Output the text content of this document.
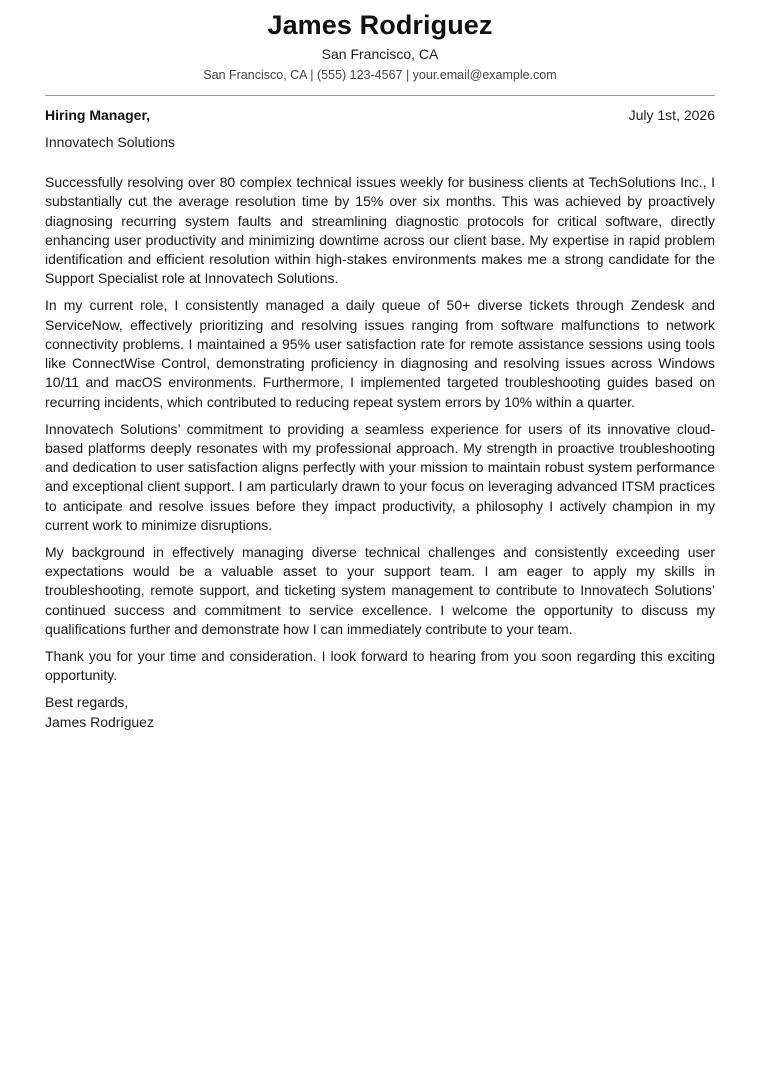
James Rodriguez
San Francisco, CA
San Francisco, CA | (555) 123-4567 | your.email@example.com
Hiring Manager,	July 1st, 2026
Innovatech Solutions

Successfully resolving over 80 complex technical issues weekly for business clients at TechSolutions Inc., I substantially cut the average resolution time by 15% over six months. This was achieved by proactively diagnosing recurring system faults and streamlining diagnostic protocols for critical software, directly enhancing user productivity and minimizing downtime across our client base. My expertise in rapid problem identification and efficient resolution within high-stakes environments makes me a strong candidate for the Support Specialist role at Innovatech Solutions.

In my current role, I consistently managed a daily queue of 50+ diverse tickets through Zendesk and ServiceNow, effectively prioritizing and resolving issues ranging from software malfunctions to network connectivity problems. I maintained a 95% user satisfaction rate for remote assistance sessions using tools like ConnectWise Control, demonstrating proficiency in diagnosing and resolving issues across Windows 10/11 and macOS environments. Furthermore, I implemented targeted troubleshooting guides based on recurring incidents, which contributed to reducing repeat system errors by 10% within a quarter.

Innovatech Solutions’ commitment to providing a seamless experience for users of its innovative cloud-based platforms deeply resonates with my professional approach. My strength in proactive troubleshooting and dedication to user satisfaction aligns perfectly with your mission to maintain robust system performance and exceptional client support. I am particularly drawn to your focus on leveraging advanced ITSM practices to anticipate and resolve issues before they impact productivity, a philosophy I actively champion in my current work to minimize disruptions.

My background in effectively managing diverse technical challenges and consistently exceeding user expectations would be a valuable asset to your support team. I am eager to apply my skills in troubleshooting, remote support, and ticketing system management to contribute to Innovatech Solutions’ continued success and commitment to service excellence. I welcome the opportunity to discuss my qualifications further and demonstrate how I can immediately contribute to your team.

Thank you for your time and consideration. I look forward to hearing from you soon regarding this exciting opportunity.

Best regards,
James Rodriguez
